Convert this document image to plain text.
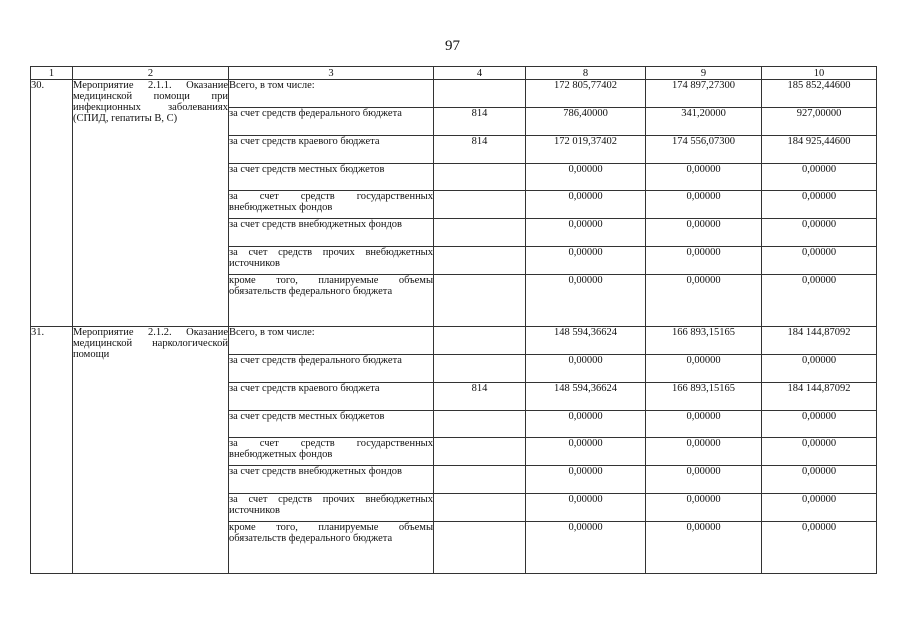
97
1	2	3	4	8	9	10
30.	Мероприятие 2.1.1. Оказание медицинской помощи при инфекционных заболеваниях (СПИД, гепатиты В, С)	Всего, в том числе:		172 805,77402	174 897,27300	185 852,44600
		за счет средств федерального бюджета	814	786,40000	341,20000	927,00000
		за счет средств краевого бюджета	814	172 019,37402	174 556,07300	184 925,44600
		за счет средств местных бюджетов		0,00000	0,00000	0,00000
		за счет средств государственных внебюджетных фондов		0,00000	0,00000	0,00000
		за счет средств внебюджетных фондов		0,00000	0,00000	0,00000
		за счет средств прочих внебюджетных источников		0,00000	0,00000	0,00000
		кроме того, планируемые объемы обязательств федерального бюджета		0,00000	0,00000	0,00000
31.	Мероприятие 2.1.2. Оказание медицинской наркологической помощи	Всего, в том числе:		148 594,36624	166 893,15165	184 144,87092
		за счет средств федерального бюджета		0,00000	0,00000	0,00000
		за счет средств краевого бюджета	814	148 594,36624	166 893,15165	184 144,87092
		за счет средств местных бюджетов		0,00000	0,00000	0,00000
		за счет средств государственных внебюджетных фондов		0,00000	0,00000	0,00000
		за счет средств внебюджетных фондов		0,00000	0,00000	0,00000
		за счет средств прочих внебюджетных источников		0,00000	0,00000	0,00000
		кроме того, планируемые объемы обязательств федерального бюджета		0,00000	0,00000	0,00000
